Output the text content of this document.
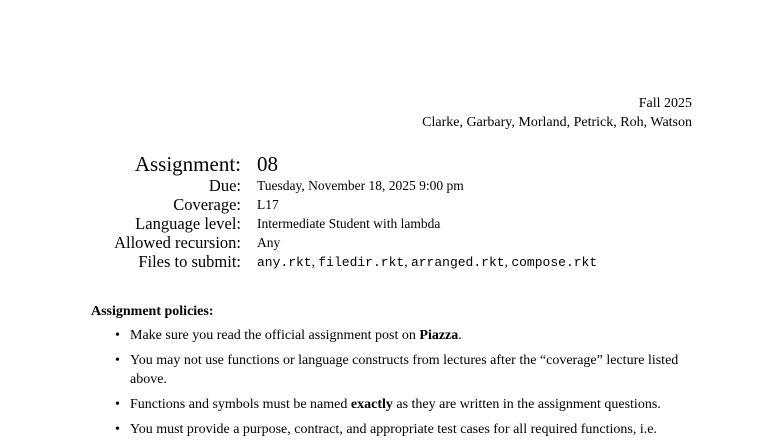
Fall 2025
Clarke, Garbary, Morland, Petrick, Roh, Watson
Assignment: 08
Due: Tuesday, November 18, 2025 9:00 pm
Coverage: L17
Language level: Intermediate Student with lambda
Allowed recursion: Any
Files to submit: any.rkt, filedir.rkt, arranged.rkt, compose.rkt
Assignment policies:
• Make sure you read the official assignment post on Piazza.
• You may not use functions or language constructs from lectures after the “coverage” lecture listed above.
• Functions and symbols must be named exactly as they are written in the assignment questions.
• You must provide a purpose, contract, and appropriate test cases for all required functions, i.e.
